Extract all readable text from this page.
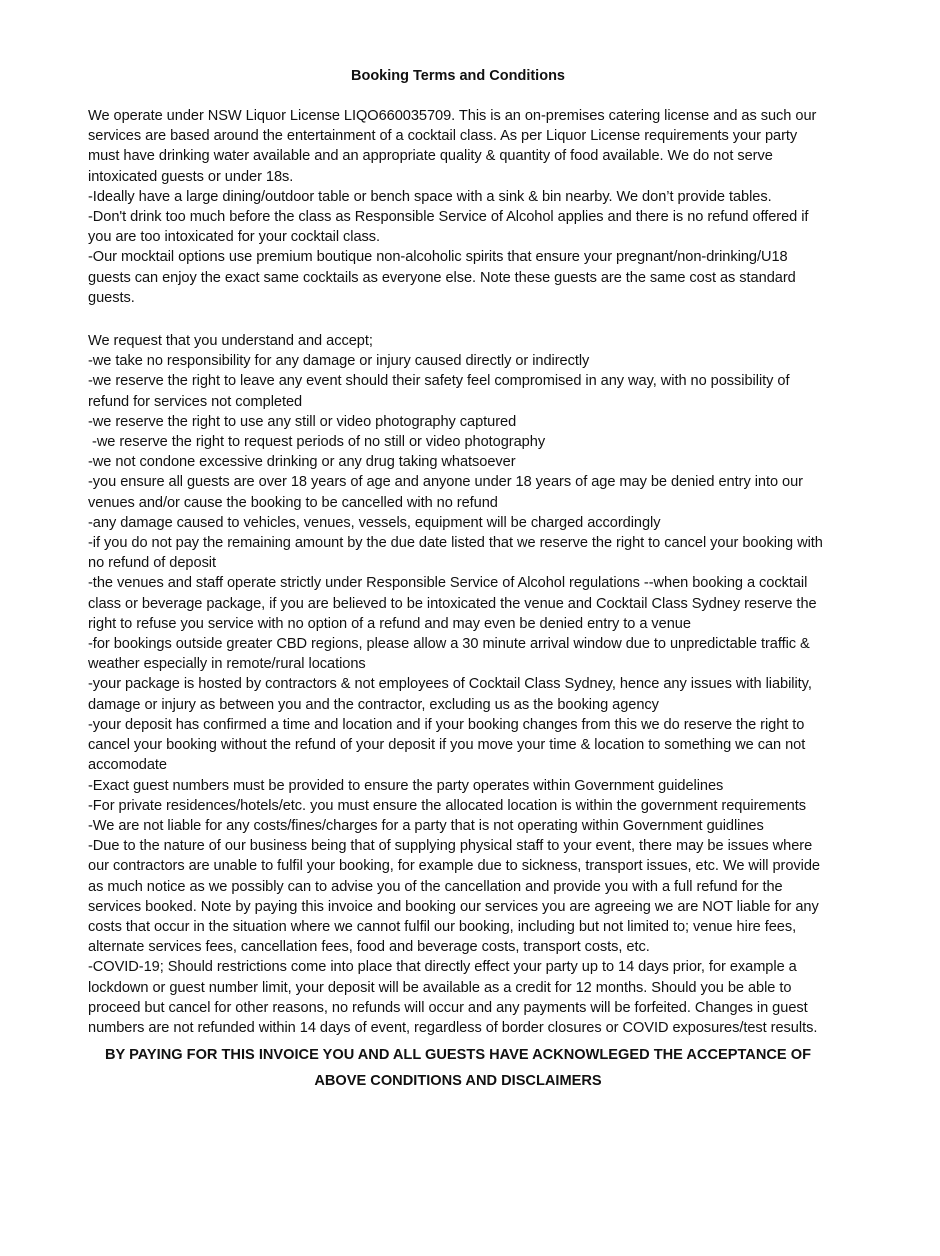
Booking Terms and Conditions
We operate under NSW Liquor License LIQO660035709. This is an on-premises catering license and as such our services are based around the entertainment of a cocktail class. As per Liquor License requirements your party must have drinking water available and an appropriate quality & quantity of food available. We do not serve intoxicated guests or under 18s.
-Ideally have a large dining/outdoor table or bench space with a sink & bin nearby. We don’t provide tables.
-Don't drink too much before the class as Responsible Service of Alcohol applies and there is no refund offered if you are too intoxicated for your cocktail class.
-Our mocktail options use premium boutique non-alcoholic spirits that ensure your pregnant/non-drinking/U18 guests can enjoy the exact same cocktails as everyone else. Note these guests are the same cost as standard guests.
We request that you understand and accept;
-we take no responsibility for any damage or injury caused directly or indirectly
-we reserve the right to leave any event should their safety feel compromised in any way, with no possibility of refund for services not completed
-we reserve the right to use any still or video photography captured
-we reserve the right to request periods of no still or video photography
-we not condone excessive drinking or any drug taking whatsoever
-you ensure all guests are over 18 years of age and anyone under 18 years of age may be denied entry into our venues and/or cause the booking to be cancelled with no refund
-any damage caused to vehicles, venues, vessels, equipment will be charged accordingly
-if you do not pay the remaining amount by the due date listed that we reserve the right to cancel your booking with no refund of deposit
-the venues and staff operate strictly under Responsible Service of Alcohol regulations --when booking a cocktail class or beverage package, if you are believed to be intoxicated the venue and Cocktail Class Sydney reserve the right to refuse you service with no option of a refund and may even be denied entry to a venue
-for bookings outside greater CBD regions, please allow a 30 minute arrival window due to unpredictable traffic & weather especially in remote/rural locations
-your package is hosted by contractors & not employees of Cocktail Class Sydney, hence any issues with liability, damage or injury as between you and the contractor, excluding us as the booking agency
-your deposit has confirmed a time and location and if your booking changes from this we do reserve the right to cancel your booking without the refund of your deposit if you move your time & location to something we can not accomodate
-Exact guest numbers must be provided to ensure the party operates within Government guidelines
-For private residences/hotels/etc. you must ensure the allocated location is within the government requirements
-We are not liable for any costs/fines/charges for a party that is not operating within Government guidlines
-Due to the nature of our business being that of supplying physical staff to your event, there may be issues where our contractors are unable to fulfil your booking, for example due to sickness, transport issues, etc. We will provide as much notice as we possibly can to advise you of the cancellation and provide you with a full refund for the services booked. Note by paying this invoice and booking our services you are agreeing we are NOT liable for any costs that occur in the situation where we cannot fulfil our booking, including but not limited to; venue hire fees, alternate services fees, cancellation fees, food and beverage costs, transport costs, etc.
-COVID-19; Should restrictions come into place that directly effect your party up to 14 days prior, for example a lockdown or guest number limit, your deposit will be available as a credit for 12 months. Should you be able to proceed but cancel for other reasons, no refunds will occur and any payments will be forfeited. Changes in guest numbers are not refunded within 14 days of event, regardless of border closures or COVID exposures/test results.
BY PAYING FOR THIS INVOICE YOU AND ALL GUESTS HAVE ACKNOWLEGED THE ACCEPTANCE OF ABOVE CONDITIONS AND DISCLAIMERS
